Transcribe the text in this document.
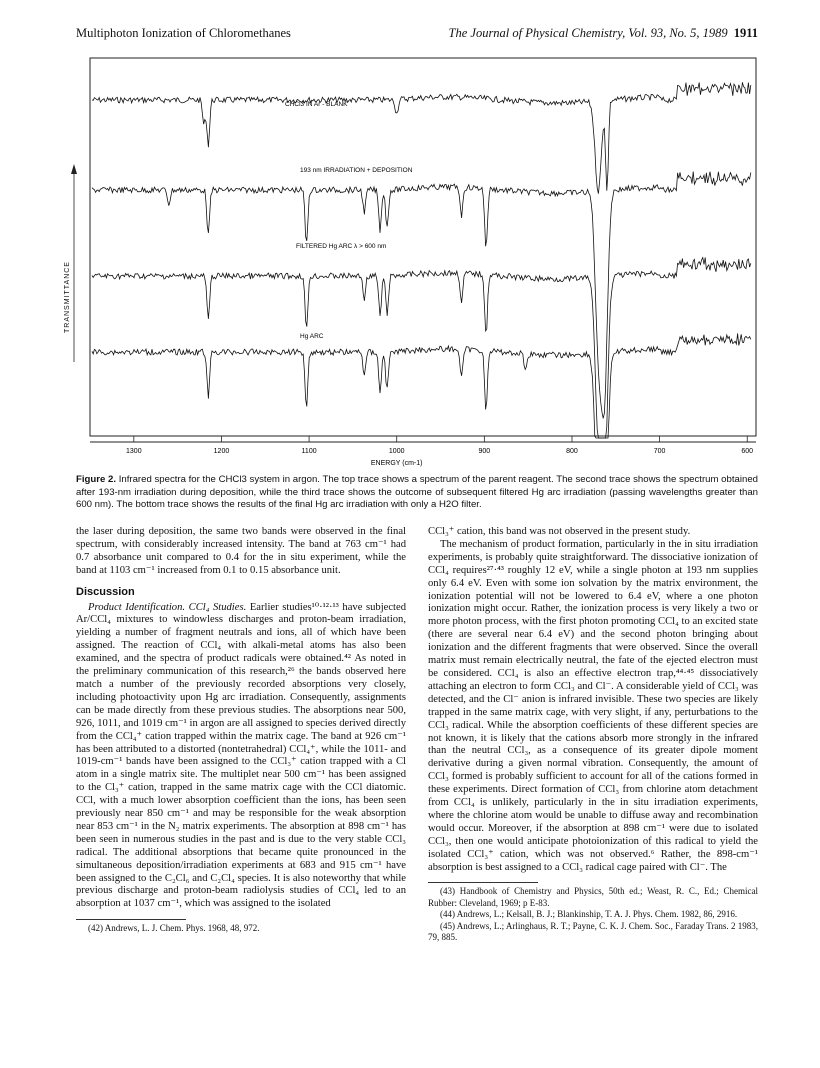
Multiphoton Ionization of Chloromethanes	The Journal of Physical Chemistry, Vol. 93, No. 5, 1989 1911
1300	1200	1100	1000	900	800	700	600
ENERGY (cm-1)
CHCl3 IN Ar - BLANK
193 nm IRRADIATION + DEPOSITION
FILTERED Hg ARC λ > 600 nm
Hg ARC
TRANSMITTANCE
Figure 2. Infrared spectra for the CHCl3 system in argon. The top trace shows a spectrum of the parent reagent. The second trace shows the spectrum obtained after 193-nm irradiation during deposition, while the third trace shows the outcome of subsequent filtered Hg arc irradiation (passing wavelengths greater than 600 nm). The bottom trace shows the results of the final Hg arc irradiation with only a H2O filter.

the laser during deposition, the same two bands were observed in the final spectrum, with considerably increased intensity. The band at 763 cm⁻¹ had 0.7 absorbance unit compared to 0.4 for the in situ experiment, while the band at 1103 cm⁻¹ increased from 0.1 to 0.15 absorbance unit.

Discussion

Product Identification. CCl₄ Studies. Earlier studies¹⁰·¹²·¹³ have subjected Ar/CCl₄ mixtures to windowless discharges and proton-beam irradiation, yielding a number of fragment neutrals and ions, all of which have been assigned. The reaction of CCl₄ with alkali-metal atoms has also been examined, and the spectra of product radicals were obtained.⁴² As noted in the preliminary communication of this research,²⁶ the bands observed here match a number of the previously recorded absorptions very closely, including photoactivity upon Hg arc irradiation. Consequently, assignments can be made directly from these previous studies. The absorptions near 500, 926, 1011, and 1019 cm⁻¹ in argon are all assigned to species derived directly from the CCl₄⁺ cation trapped within the matrix cage. The band at 926 cm⁻¹ has been attributed to a distorted (nontetrahedral) CCl₄⁺, while the 1011- and 1019-cm⁻¹ bands have been assigned to the CCl₃⁺ cation trapped with a Cl atom in a single matrix site. The multiplet near 500 cm⁻¹ has been assigned to the Cl₃⁺ cation, trapped in the same matrix cage with the CCl diatomic. CCl, with a much lower absorption coefficient than the ions, has been seen previously near 850 cm⁻¹ and may be responsible for the weak absorption near 853 cm⁻¹ in the N₂ matrix experiments. The absorption at 898 cm⁻¹ has been seen in numerous studies in the past and is due to the very stable CCl₃ radical. The additional absorptions that became quite pronounced in the simultaneous deposition/irradiation experiments at 683 and 915 cm⁻¹ have been assigned to the C₂Cl₆ and C₂Cl₄ species. It is also noteworthy that while previous discharge and proton-beam radiolysis studies of CCl₄ led to an absorption at 1037 cm⁻¹, which was assigned to the isolated

(42) Andrews, L. J. Chem. Phys. 1968, 48, 972.

CCl₃⁺ cation, this band was not observed in the present study.

The mechanism of product formation, particularly in the in situ irradiation experiments, is probably quite straightforward. The dissociative ionization of CCl₄ requires²⁷·⁴³ roughly 12 eV, while a single photon at 193 nm supplies only 6.4 eV. Even with some ion solvation by the matrix environment, the ionization potential will not be lowered to 6.4 eV, where a one photon ionization might occur. Rather, the ionization process is very likely a two or more photon process, with the first photon promoting CCl₄ to an excited state (there are several near 6.4 eV) and the second photon bringing about ionization and the different fragments that were observed. Since the overall matrix must remain electrically neutral, the fate of the ejected electron must be considered. CCl₄ is also an effective electron trap,⁴⁴·⁴⁵ dissociatively attaching an electron to form CCl₃ and Cl⁻. A considerable yield of CCl₃ was detected, and the Cl⁻ anion is infrared invisible. These two species are likely trapped in the same matrix cage, with very slight, if any, perturbations to the CCl₃ radical. While the absorption coefficients of these different species are not known, it is likely that the cations absorb more strongly in the infrared than the neutral CCl₃, as a consequence of its greater dipole moment derivative during a given normal vibration. Consequently, the amount of CCl₃ formed is probably sufficient to account for all of the cations formed in these experiments. Direct formation of CCl₃ from chlorine atom detachment from CCl₄ is unlikely, particularly in the in situ irradiation experiments, where the chlorine atom would be unable to diffuse away and recombination would occur. Moreover, if the absorption at 898 cm⁻¹ were due to isolated CCl₃, then one would anticipate photoionization of this radical to yield the isolated CCl₃⁺ cation, which was not observed.⁶ Rather, the 898-cm⁻¹ absorption is best assigned to a CCl₃ radical cage paired with Cl⁻. The

(43) Handbook of Chemistry and Physics, 50th ed.; Weast, R. C., Ed.; Chemical Rubber: Cleveland, 1969; p E-83.

(44) Andrews, L.; Kelsall, B. J.; Blankinship, T. A. J. Phys. Chem. 1982, 86, 2916.

(45) Andrews, L.; Arlinghaus, R. T.; Payne, C. K. J. Chem. Soc., Faraday Trans. 2 1983, 79, 885.
